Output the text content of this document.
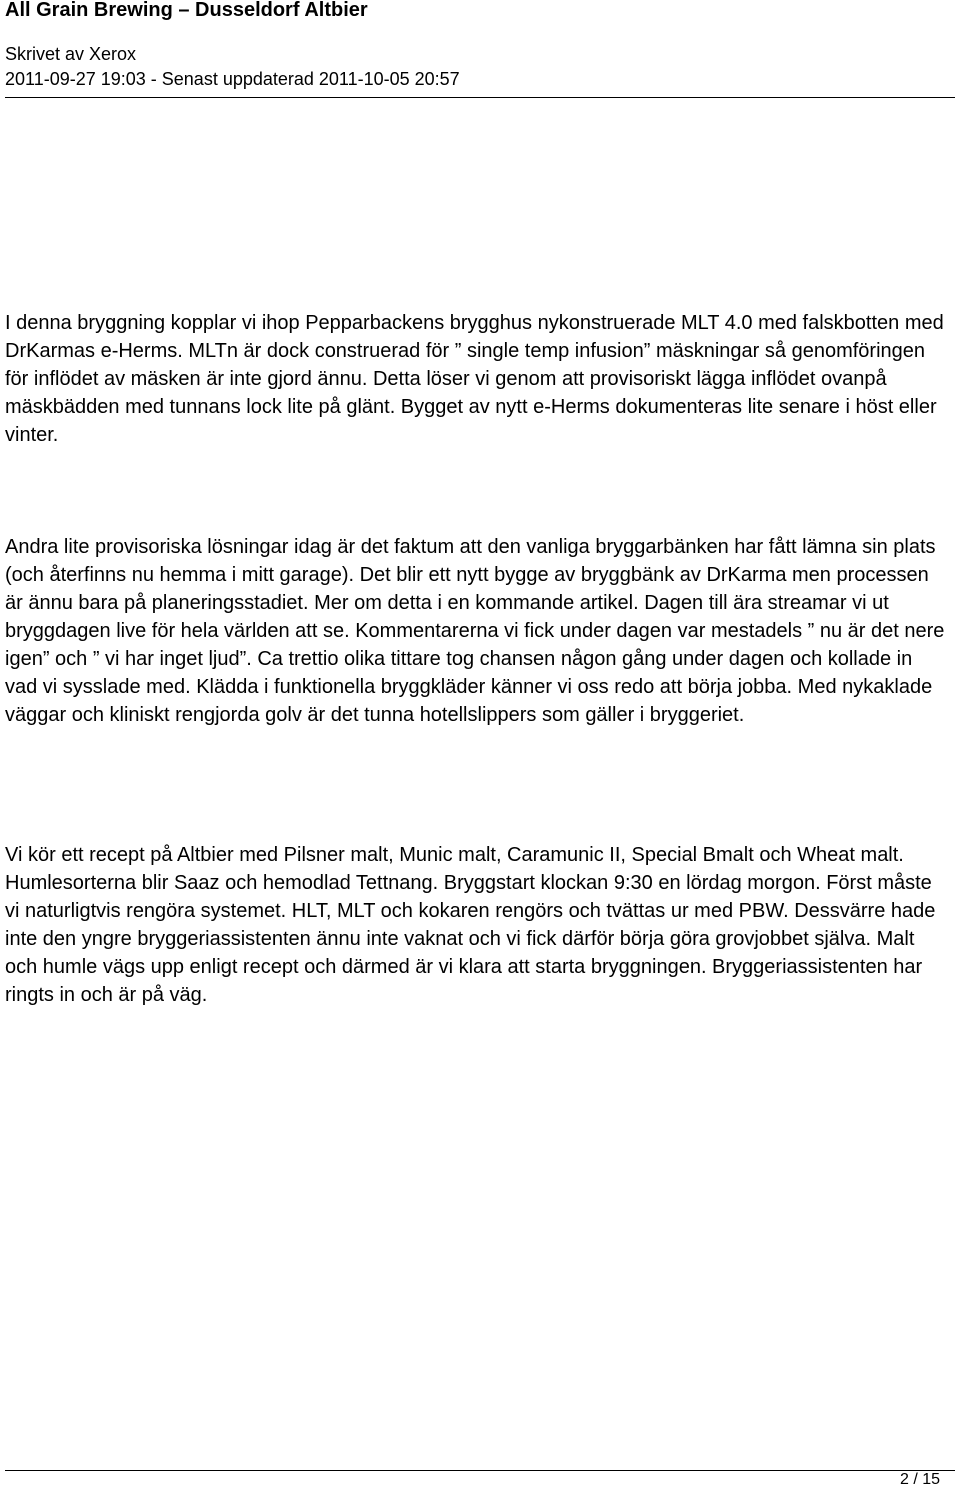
All Grain Brewing – Dusseldorf Altbier
Skrivet av Xerox
2011-09-27 19:03 - Senast uppdaterad 2011-10-05 20:57

I denna bryggning kopplar vi ihop Pepparbackens brygghus nykonstruerade MLT 4.0 med falskbotten med DrKarmas e-Herms. MLTn är dock construerad för ” single temp infusion” mäskningar så genomföringen för inflödet av mäsken är inte gjord ännu. Detta löser vi genom att provisoriskt lägga inflödet ovanpå mäskbädden med tunnans lock lite på glänt. Bygget av nytt e-Herms dokumenteras lite senare i höst eller vinter.

Andra lite provisoriska lösningar idag är det faktum att den vanliga bryggarbänken har fått lämna sin plats (och återfinns nu hemma i mitt garage). Det blir ett nytt bygge av bryggbänk av DrKarma men processen är ännu bara på planeringsstadiet. Mer om detta i en kommande artikel. Dagen till ära streamar vi ut bryggdagen live för hela världen att se. Kommentarerna vi fick under dagen var mestadels ” nu är det nere igen” och ” vi har inget ljud”. Ca trettio olika tittare tog chansen någon gång under dagen och kollade in vad vi sysslade med. Klädda i funktionella bryggkläder känner vi oss redo att börja jobba. Med nykaklade väggar och kliniskt rengjorda golv är det tunna hotellslippers som gäller i bryggeriet.

Vi kör ett recept på Altbier med Pilsner malt, Munic malt, Caramunic II, Special Bmalt och Wheat malt. Humlesorterna blir Saaz och hemodlad Tettnang. Bryggstart klockan 9:30 en lördag morgon. Först måste vi naturligtvis rengöra systemet. HLT, MLT och kokaren rengörs och tvättas ur med PBW. Dessvärre hade inte den yngre bryggeriassistenten ännu inte vaknat och vi fick därför börja göra grovjobbet själva. Malt och humle vägs upp enligt recept och därmed är vi klara att starta bryggningen. Bryggeriassistenten har ringts in och är på väg.

2 / 15
